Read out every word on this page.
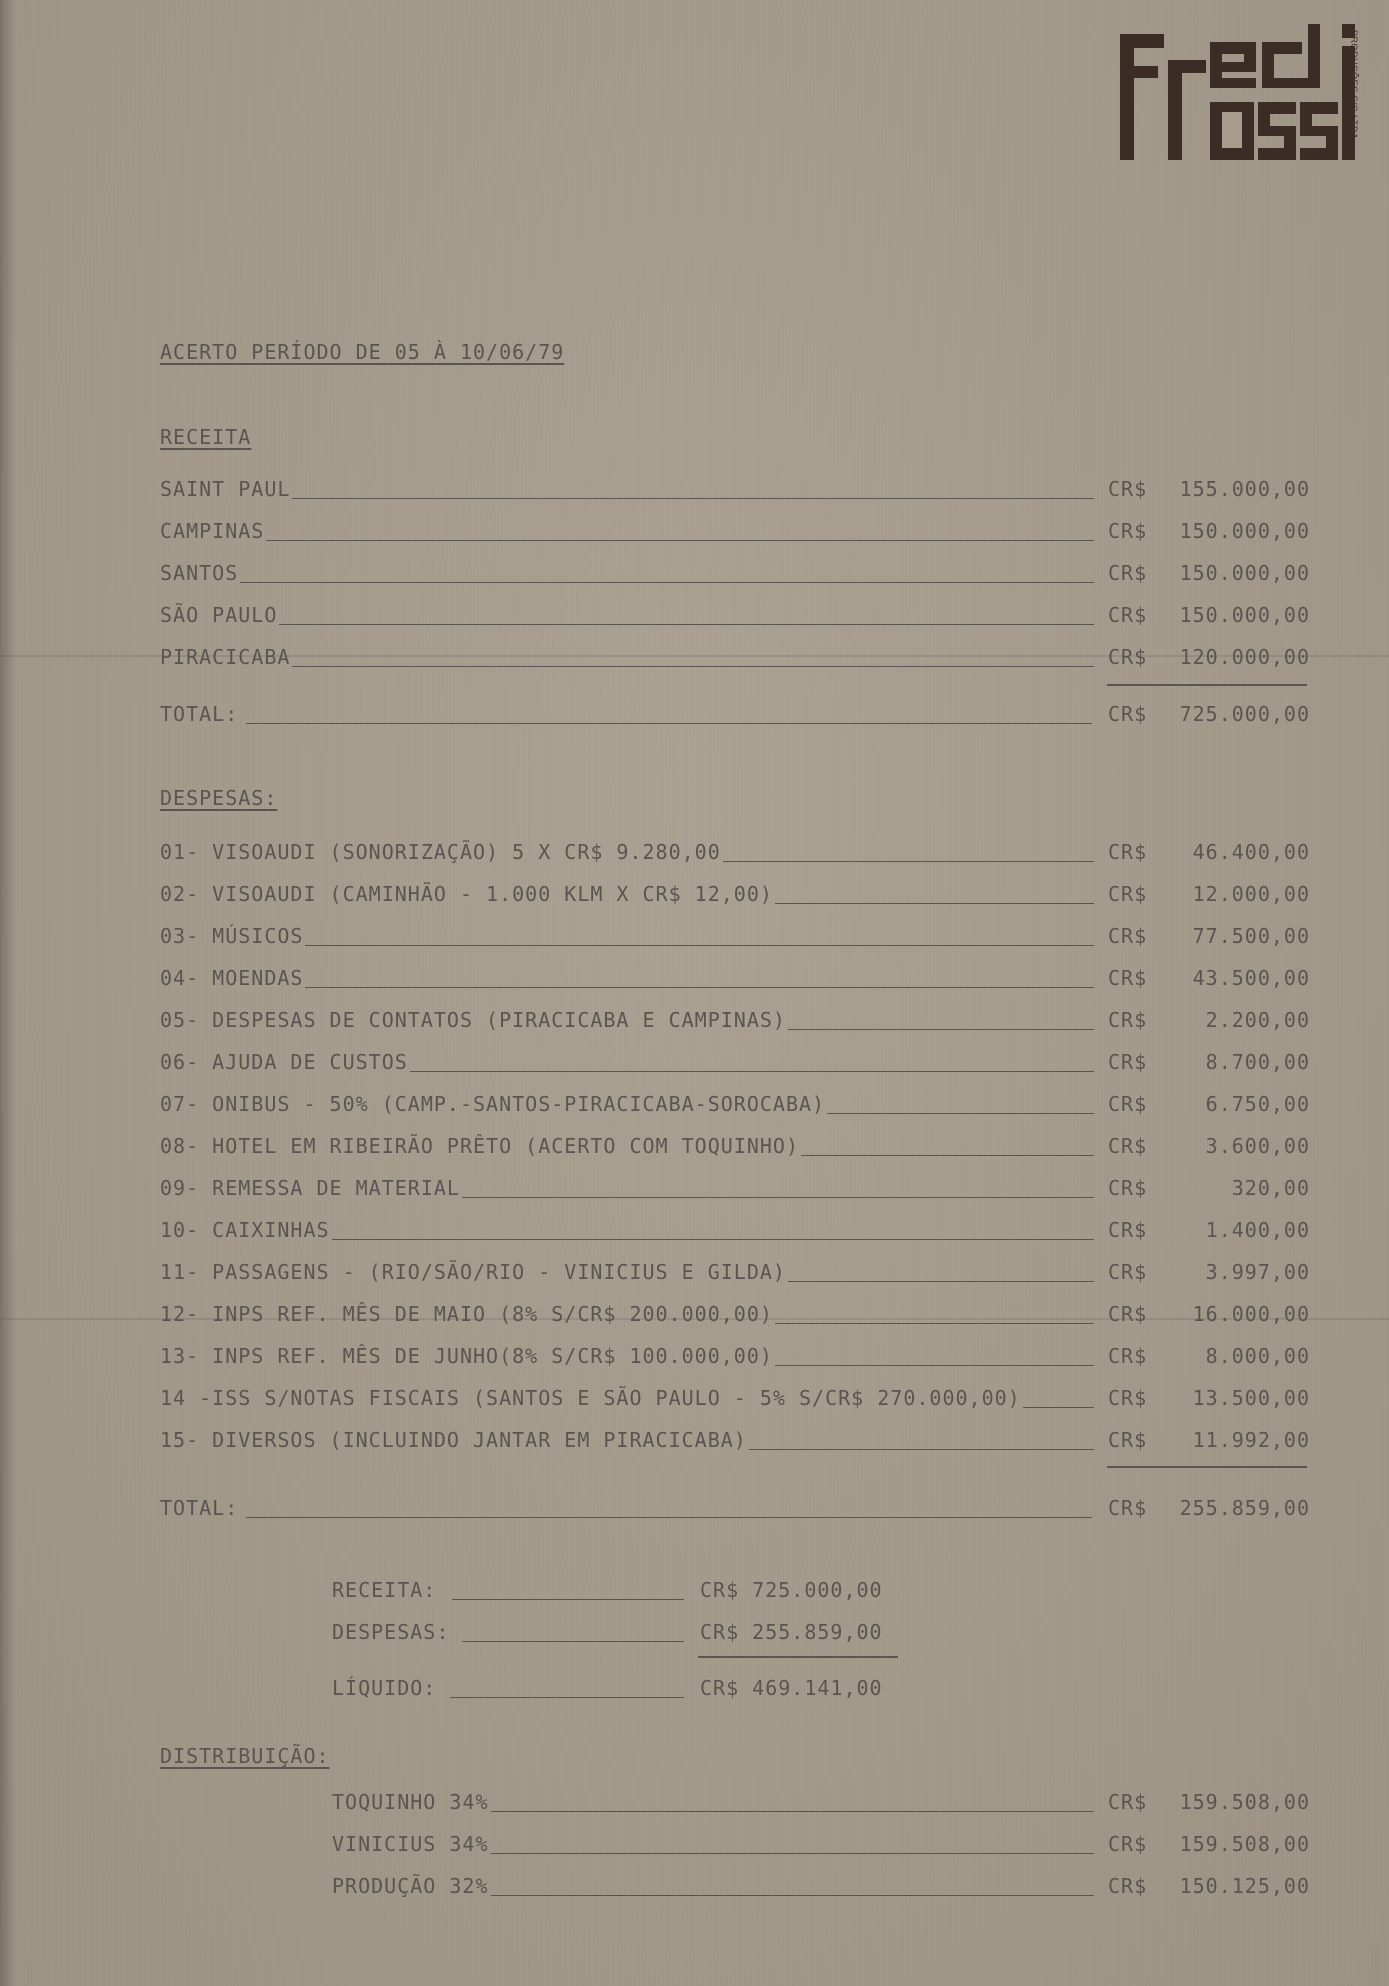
PRODUÇÕES S/C LTDA.
ACERTO PERÍODO DE 05 À 10/06/79
RECEITA
SAINT PAUL	CR$ 155.000,00
CAMPINAS	CR$ 150.000,00
SANTOS	CR$ 150.000,00
SÃO PAULO	CR$ 150.000,00
PIRACICABA	CR$ 120.000,00
TOTAL:	CR$ 725.000,00
DESPESAS:
01- VISOAUDI (SONORIZAÇÃO) 5 X CR$ 9.280,00	CR$ 46.400,00
02- VISOAUDI (CAMINHÃO - 1.000 KLM X CR$ 12,00)	CR$ 12.000,00
03- MÚSICOS	CR$ 77.500,00
04- MOENDAS	CR$ 43.500,00
05- DESPESAS DE CONTATOS (PIRACICABA E CAMPINAS)	CR$	2.200,00
06- AJUDA DE CUSTOS	CR$	8.700,00
07- ONIBUS - 50% (CAMP.-SANTOS-PIRACICABA-SOROCABA)	CR$	6.750,00
08- HOTEL EM RIBEIRÃO PRÊTO (ACERTO COM TOQUINHO)	CR$	3.600,00
09- REMESSA DE MATERIAL	CR$	320,00
10- CAIXINHAS	CR$	1.400,00
11- PASSAGENS - (RIO/SÃO/RIO - VINICIUS E GILDA)	CR$	3.997,00
12- INPS REF. MÊS DE MAIO (8% S/CR$ 200.000,00)	CR$ 16.000,00
13- INPS REF. MÊS DE JUNHO(8% S/CR$ 100.000,00)	CR$	8.000,00
14 -ISS S/NOTAS FISCAIS (SANTOS E SÃO PAULO - 5% S/CR$ 270.000,00)	CR$ 13.500,00
15- DIVERSOS (INCLUINDO JANTAR EM PIRACICABA)	CR$ 11.992,00
TOTAL:	CR$ 255.859,00
RECEITA:	CR$ 725.000,00
DESPESAS:	CR$ 255.859,00
LÍQUIDO:	CR$ 469.141,00
DISTRIBUIÇÃO:
TOQUINHO 34%	CR$ 159.508,00
VINICIUS 34%	CR$ 159.508,00
PRODUÇÃO 32%	CR$ 150.125,00
